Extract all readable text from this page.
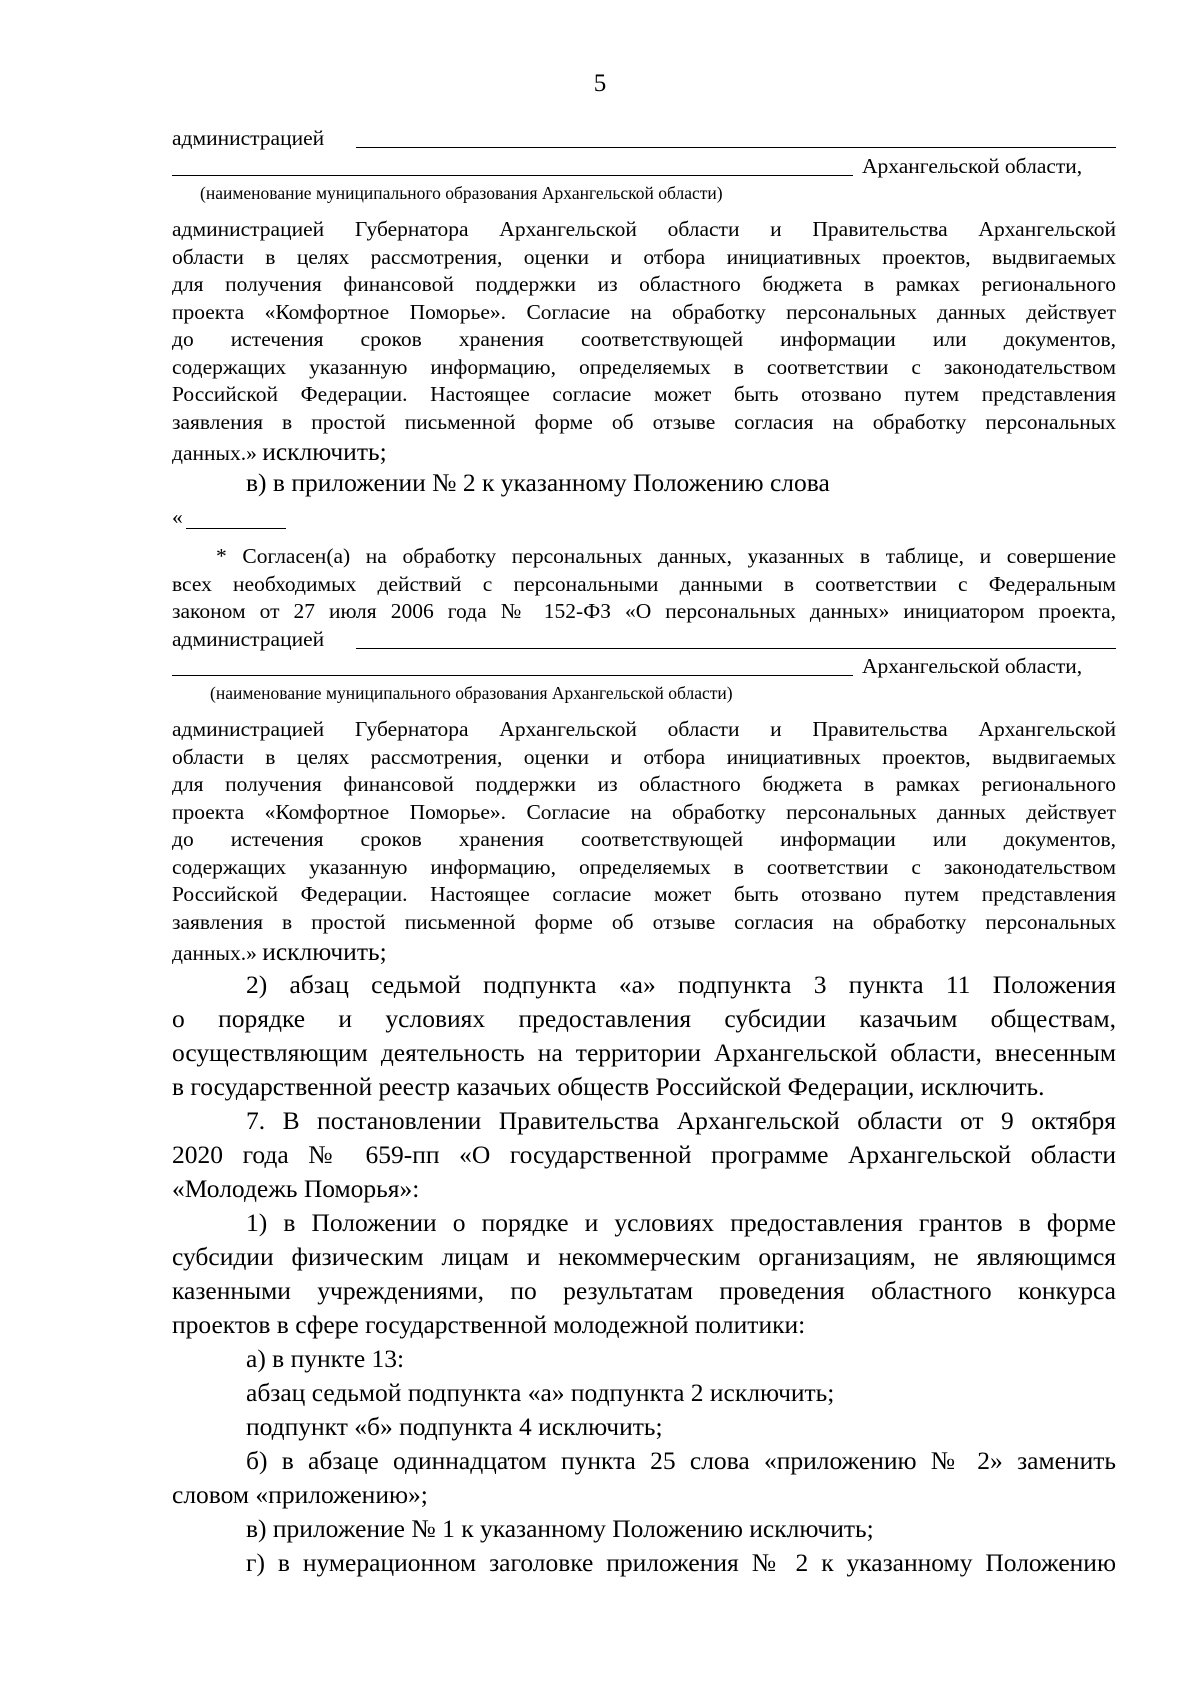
5
администрацией
Архангельской области,
(наименование муниципального образования Архангельской области)
администрацией Губернатора Архангельской области и Правительства Архангельской
области в целях рассмотрения, оценки и отбора инициативных проектов, выдвигаемых
для получения финансовой поддержки из областного бюджета в рамках регионального
проекта «Комфортное Поморье». Согласие на обработку персональных данных действует
до истечения сроков хранения соответствующей информации или документов,
содержащих указанную информацию, определяемых в соответствии с законодательством
Российской Федерации. Настоящее согласие может быть отозвано путем представления
заявления в простой письменной форме об отзыве согласия на обработку персональных
данных.» исключить;
в) в приложении № 2 к указанному Положению слова
«
* Согласен(а) на обработку персональных данных, указанных в таблице, и совершение
всех необходимых действий с персональными данными в соответствии с Федеральным
законом от 27 июля 2006 года № 152-ФЗ «О персональных данных» инициатором проекта,
администрацией
Архангельской области,
(наименование муниципального образования Архангельской области)
администрацией Губернатора Архангельской области и Правительства Архангельской
области в целях рассмотрения, оценки и отбора инициативных проектов, выдвигаемых
для получения финансовой поддержки из областного бюджета в рамках регионального
проекта «Комфортное Поморье». Согласие на обработку персональных данных действует
до истечения сроков хранения соответствующей информации или документов,
содержащих указанную информацию, определяемых в соответствии с законодательством
Российской Федерации. Настоящее согласие может быть отозвано путем представления
заявления в простой письменной форме об отзыве согласия на обработку персональных
данных.» исключить;
2) абзац седьмой подпункта «а» подпункта 3 пункта 11 Положения
о порядке и условиях предоставления субсидии казачьим обществам,
осуществляющим деятельность на территории Архангельской области, внесенным
в государственной реестр казачьих обществ Российской Федерации, исключить.
7. В постановлении Правительства Архангельской области от 9 октября
2020 года № 659-пп «О государственной программе Архангельской области
«Молодежь Поморья»:
1) в Положении о порядке и условиях предоставления грантов в форме
субсидии физическим лицам и некоммерческим организациям, не являющимся
казенными учреждениями, по результатам проведения областного конкурса
проектов в сфере государственной молодежной политики:
а) в пункте 13:
абзац седьмой подпункта «а» подпункта 2 исключить;
подпункт «б» подпункта 4 исключить;
б) в абзаце одиннадцатом пункта 25 слова «приложению № 2» заменить
словом «приложению»;
в) приложение № 1 к указанному Положению исключить;
г) в нумерационном заголовке приложения № 2 к указанному Положению
